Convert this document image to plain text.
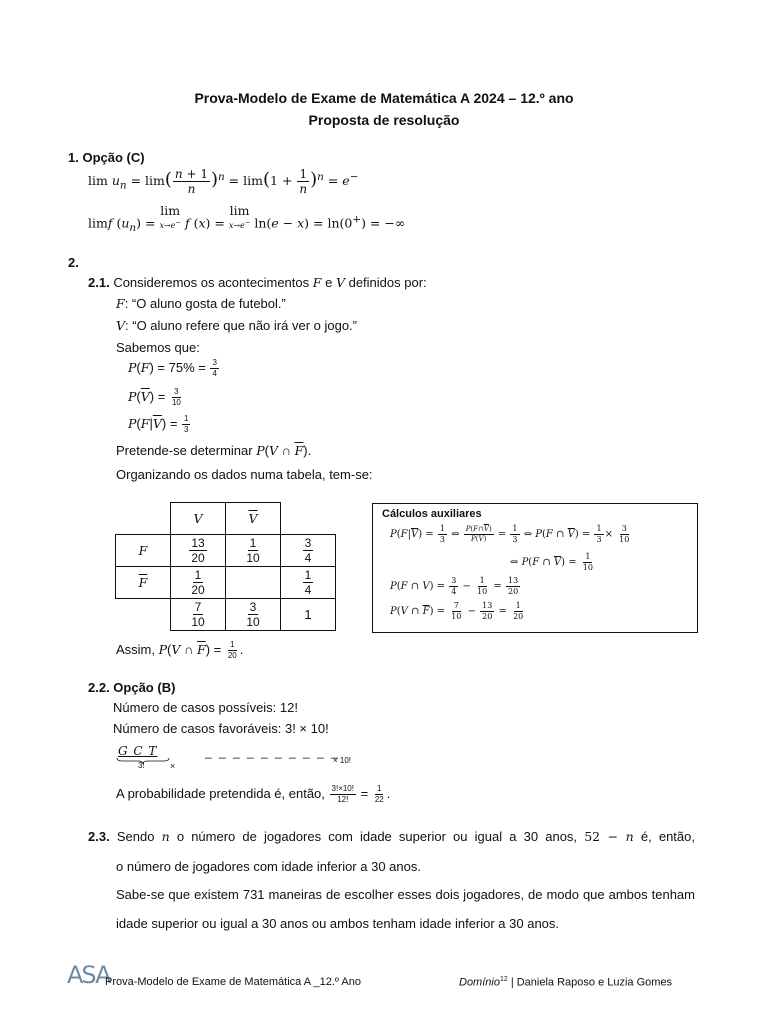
Prova-Modelo de Exame de Matemática A 2024 – 12.º ano
Proposta de resolução
1. Opção (C)
$\lim u_n = \lim( \frac{n + 1}{n} )^n = \lim(1 + \frac{1}{n} )^n = e^-$
limf $(u_n) = \lim$
x→e− f (x) = lim
x→e− ln(e − x) = ln(0+) = −∞
2.
2.1. Consideremos os acontecimentos F e V definidos por:
F: “O aluno gosta de futebol.”
V: “O aluno refere que não irá ver o jogo.”
Sabemos que:
$P(F) = 75\% = \frac{3}{4}$
$P(\overline{V}) = \frac{3}{10}$
$P(F|\overline{V}) = \frac{1}{3}$
Pretende-se determinar P(V ∩ $\overline{F}$).
Organizando os dados numa tabela, tem-se:
	V	$\overline{V}$	
F	$\frac{13}{20}$	$\frac{1}{10}$	$\frac{3}{4}$

$\overline{F}$	$\frac{1}{20}$		$\frac{1}{4}$

	$\frac{7}{10}$	$\frac{3}{10}$	1
Cálculos auxiliares
$P(F|\overline{V}) = \frac{1}{3}$ ⇔ $\frac{P(F\cap\overline{V})}{P(\overline{V})} = \frac{1}{3}$ ⇔ P(F ∩ $\overline{V}) = \frac{1}{3} \times \frac{3}{10}$
⇔ P(F ∩ $\overline{V}) = \frac{1}{10}$
P(F ∩ $V) = \frac{3}{4} - \frac{1}{10} = \frac{13}{20}$
P(V ∩ $\overline{F}) = \frac{7}{10} - \frac{13}{20} = \frac{1}{20}$
Assim, P(V ∩ $\overline{F}) = \frac{1}{20}$ .
2.2. Opção (B)
Número de casos possíveis: 12!
Número de casos favoráveis: 3! × 10!
G C T
3!	×
_ _ _ _ _ _ _ _ _ _
× 10!
A probabilidade pretendida é, então, $\frac{3!\times 10!}{12!} = \frac{1}{22}$ .
2.3. Sendo n o número de jogadores com idade superior ou igual a 30 anos, 52 − n é, então,
o número de jogadores com idade inferior a 30 anos.
Sabe-se que existem 731 maneiras de escolher esses dois jogadores, de modo que ambos tenham
idade superior ou igual a 30 anos ou ambos tenham idade inferior a 30 anos.
ASA
Prova-Modelo de Exame de Matemática A _12.º Ano	Domínio$^{12}$ | Daniela Raposo e Luzia Gomes
